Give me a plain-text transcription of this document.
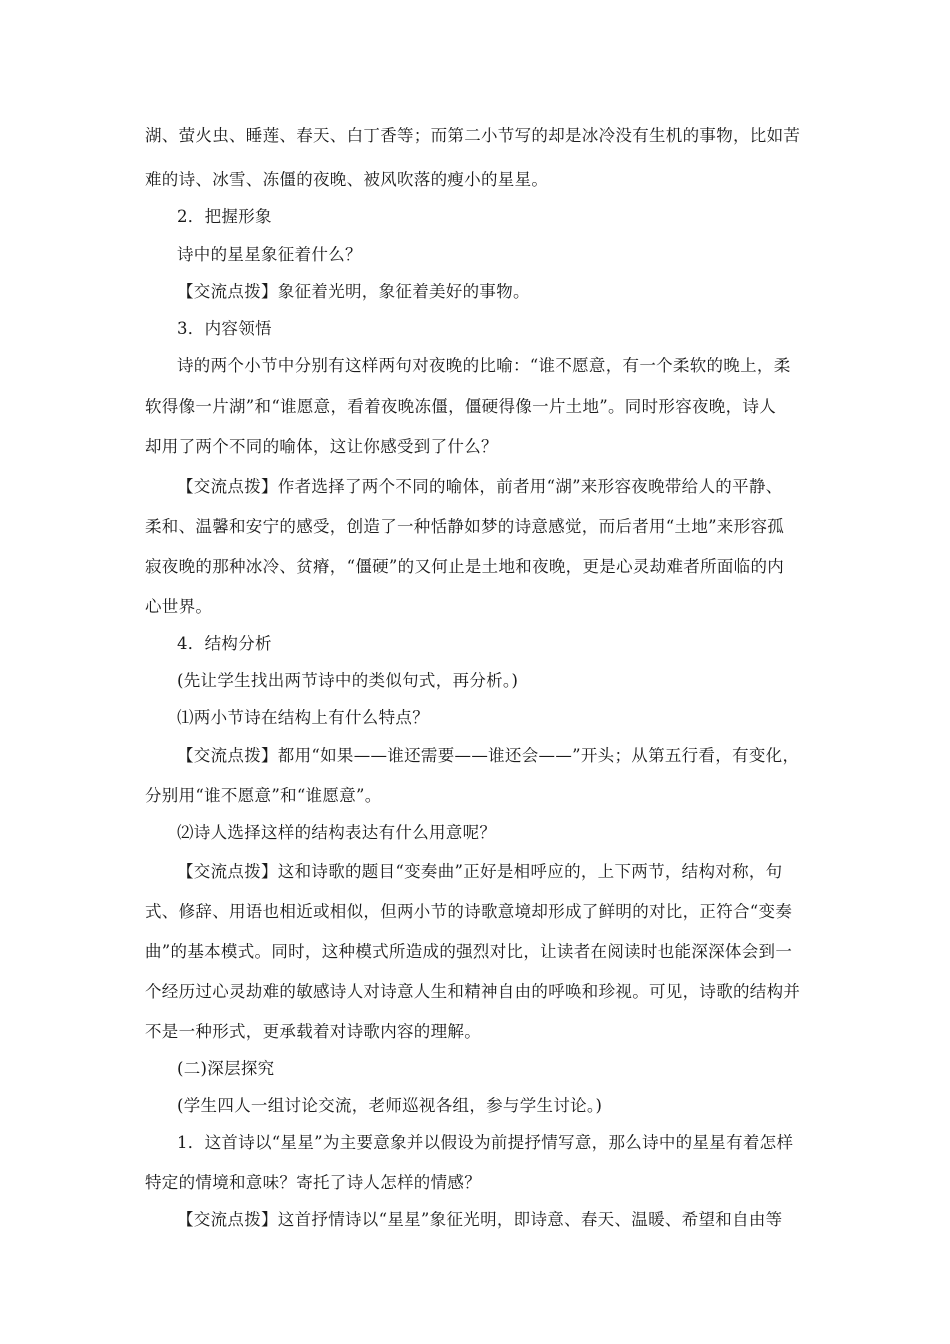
湖、萤火虫、睡莲、春天、白丁香等；而第二小节写的却是冰冷没有生机的事物，比如苦
难的诗、冰雪、冻僵的夜晚、被风吹落的瘦小的星星。
2．把握形象
诗中的星星象征着什么？
【交流点拨】象征着光明，象征着美好的事物。
3．内容领悟
诗的两个小节中分别有这样两句对夜晚的比喻：“谁不愿意，有一个柔软的晚上，柔
软得像一片湖”和“谁愿意，看着夜晚冻僵，僵硬得像一片土地”。同时形容夜晚，诗人
却用了两个不同的喻体，这让你感受到了什么？
【交流点拨】作者选择了两个不同的喻体，前者用“湖”来形容夜晚带给人的平静、
柔和、温馨和安宁的感受，创造了一种恬静如梦的诗意感觉，而后者用“土地”来形容孤
寂夜晚的那种冰冷、贫瘠，“僵硬”的又何止是土地和夜晚，更是心灵劫难者所面临的内
心世界。
4．结构分析
(先让学生找出两节诗中的类似句式，再分析。)
⑴两小节诗在结构上有什么特点？
【交流点拨】都用“如果——谁还需要——谁还会——”开头；从第五行看，有变化，
分别用“谁不愿意”和“谁愿意”。
⑵诗人选择这样的结构表达有什么用意呢？
【交流点拨】这和诗歌的题目“变奏曲”正好是相呼应的，上下两节，结构对称，句
式、修辞、用语也相近或相似，但两小节的诗歌意境却形成了鲜明的对比，正符合“变奏
曲”的基本模式。同时，这种模式所造成的强烈对比，让读者在阅读时也能深深体会到一
个经历过心灵劫难的敏感诗人对诗意人生和精神自由的呼唤和珍视。可见，诗歌的结构并
不是一种形式，更承载着对诗歌内容的理解。
(二)深层探究
(学生四人一组讨论交流，老师巡视各组，参与学生讨论。)
1．这首诗以“星星”为主要意象并以假设为前提抒情写意，那么诗中的星星有着怎样
特定的情境和意味？寄托了诗人怎样的情感？
【交流点拨】这首抒情诗以“星星”象征光明，即诗意、春天、温暖、希望和自由等
